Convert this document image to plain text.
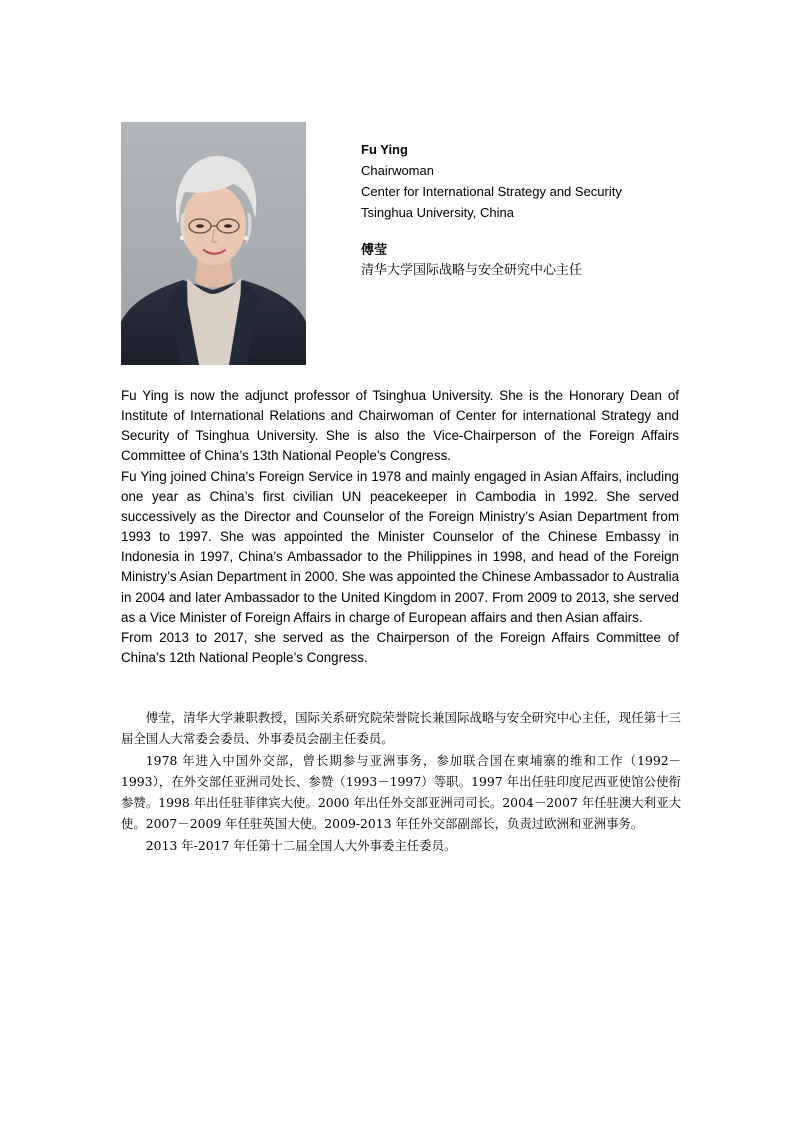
Fu Ying
Chairwoman
Center for International Strategy and Security
Tsinghua University, China
傅莹
清华大学国际战略与安全研究中心主任

Fu Ying is now the adjunct professor of Tsinghua University. She is the Honorary Dean of Institute of International Relations and Chairwoman of Center for international Strategy and Security of Tsinghua University. She is also the Vice-Chairperson of the Foreign Affairs Committee of China’s 13th National People’s Congress.

Fu Ying joined China’s Foreign Service in 1978 and mainly engaged in Asian Affairs, including one year as China’s first civilian UN peacekeeper in Cambodia in 1992. She served successively as the Director and Counselor of the Foreign Ministry’s Asian Department from 1993 to 1997. She was appointed the Minister Counselor of the Chinese Embassy in Indonesia in 1997, China’s Ambassador to the Philippines in 1998, and head of the Foreign Ministry’s Asian Department in 2000. She was appointed the Chinese Ambassador to Australia in 2004 and later Ambassador to the United Kingdom in 2007. From 2009 to 2013, she served as a Vice Minister of Foreign Affairs in charge of European affairs and then Asian affairs.

From 2013 to 2017, she served as the Chairperson of the Foreign Affairs Committee of China’s 12th National People’s Congress.

傅莹，清华大学兼职教授，国际关系研究院荣誉院长兼国际战略与安全研究中心主任，现任第十三届全国人大常委会委员、外事委员会副主任委员。

1978 年进入中国外交部，曾长期参与亚洲事务，参加联合国在柬埔寨的维和工作（1992－1993），在外交部任亚洲司处长、参赞（1993－1997）等职。1997 年出任驻印度尼西亚使馆公使衔参赞。1998 年出任驻菲律宾大使。2000 年出任外交部亚洲司司长。2004－2007 年任驻澳大利亚大使。2007－2009 年任驻英国大使。2009-2013 年任外交部副部长，负责过欧洲和亚洲事务。

2013 年-2017 年任第十二届全国人大外事委主任委员。
